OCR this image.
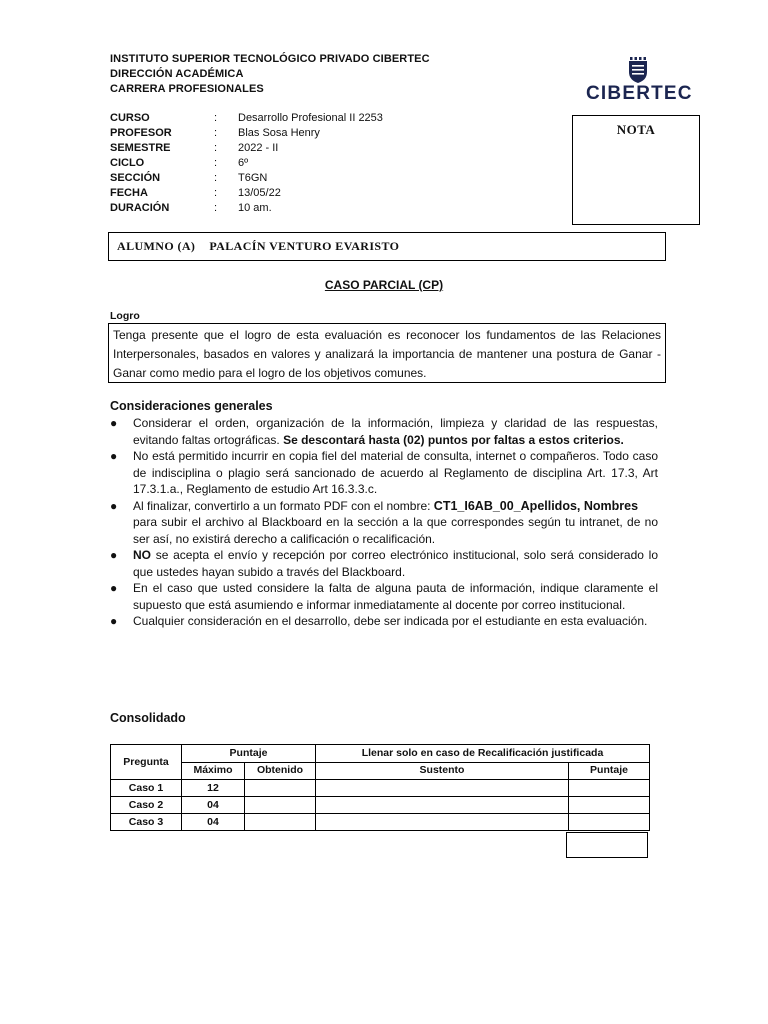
INSTITUTO SUPERIOR TECNOLÓGICO PRIVADO CIBERTEC
DIRECCIÓN ACADÉMICA
CARRERA PROFESIONALES	CIBERTEC
CURSO	: Desarrollo Profesional II 2253
PROFESOR	: Blas Sosa Henry
SEMESTRE	: 2022 - II
CICLO	: 6º
SECCIÓN	: T6GN
FECHA	: 13/05/22
DURACIÓN	: 10 am.
NOTA
ALUMNO (A) PALACÍN VENTURO EVARISTO
CASO PARCIAL (CP)
Logro
Tenga presente que el logro de esta evaluación es reconocer los fundamentos de las Relaciones Interpersonales, basados en valores y analizará la importancia de mantener una postura de Ganar - Ganar como medio para el logro de los objetivos comunes.
Consideraciones generales
● Considerar el orden, organización de la información, limpieza y claridad de las respuestas, evitando faltas ortográficas. Se descontará hasta (02) puntos por faltas a estos criterios.
● No está permitido incurrir en copia fiel del material de consulta, internet o compañeros. Todo caso de indisciplina o plagio será sancionado de acuerdo al Reglamento de disciplina Art. 17.3, Art 17.3.1.a., Reglamento de estudio Art 16.3.3.c.
● Al finalizar, convertirlo a un formato PDF con el nombre: CT1_I6AB_00_Apellidos, Nombres
para subir el archivo al Blackboard en la sección a la que correspondes según tu intranet, de no ser así, no existirá derecho a calificación o recalificación.
● NO se acepta el envío y recepción por correo electrónico institucional, solo será considerado lo que ustedes hayan subido a través del Blackboard.
● En el caso que usted considere la falta de alguna pauta de información, indique claramente el supuesto que está asumiendo e informar inmediatamente al docente por correo institucional.
● Cualquier consideración en el desarrollo, debe ser indicada por el estudiante en esta evaluación.
Consolidado
Pregunta	Puntaje		Llenar solo en caso de Recalificación justificada	
	Máximo	Obtenido	Sustento	Puntaje
Caso 1	12			
Caso 2	04			
Caso 3	04			
